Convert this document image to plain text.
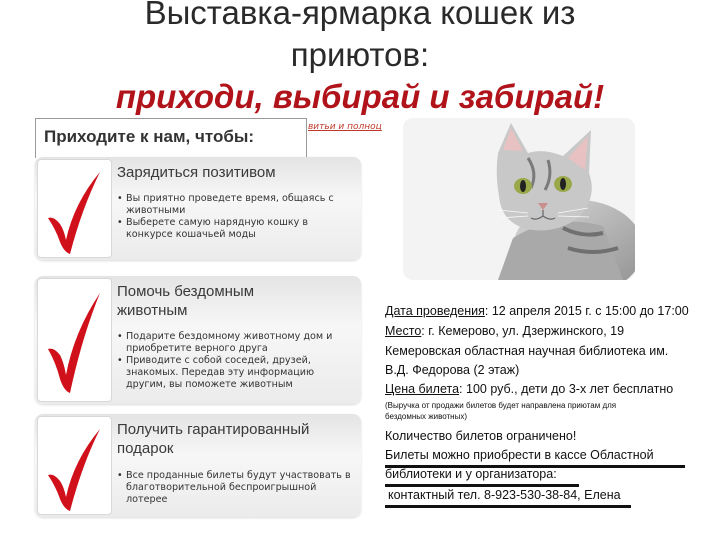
Выставка-ярмарка кошек из
приютов:
приходи, выбирай и забирай!
витьи и полноц
Приходите к нам, чтобы:
Зарядиться позитивом
• Вы приятно проведете время, общаясь с животными
• Выберете самую нарядную кошку в конкурсе кошачьей моды
Помочь бездомным животным
• Подарите бездомному животному дом и приобретите верного друга
• Приводите с собой соседей, друзей, знакомых. Передав эту информацию другим, вы поможете животным
Получить гарантированный подарок
• Все проданные билеты будут участвовать в благотворительной беспроигрышной лотерее
Дата проведения: 12 апреля 2015 г. с 15:00 до 17:00
Место: г. Кемерово, ул. Дзержинского, 19
Кемеровская областная научная библиотека им.
В.Д. Федорова (2 этаж)
Цена билета: 100 руб., дети до 3-х лет бесплатно
(Выручка от продажи билетов будет направлена приютам для
бездомных животных)
Количество билетов ограничено!
Билеты можно приобрести в кассе Областной
библиотеки и у организатора:
контактный тел. 8-923-530-38-84, Елена
